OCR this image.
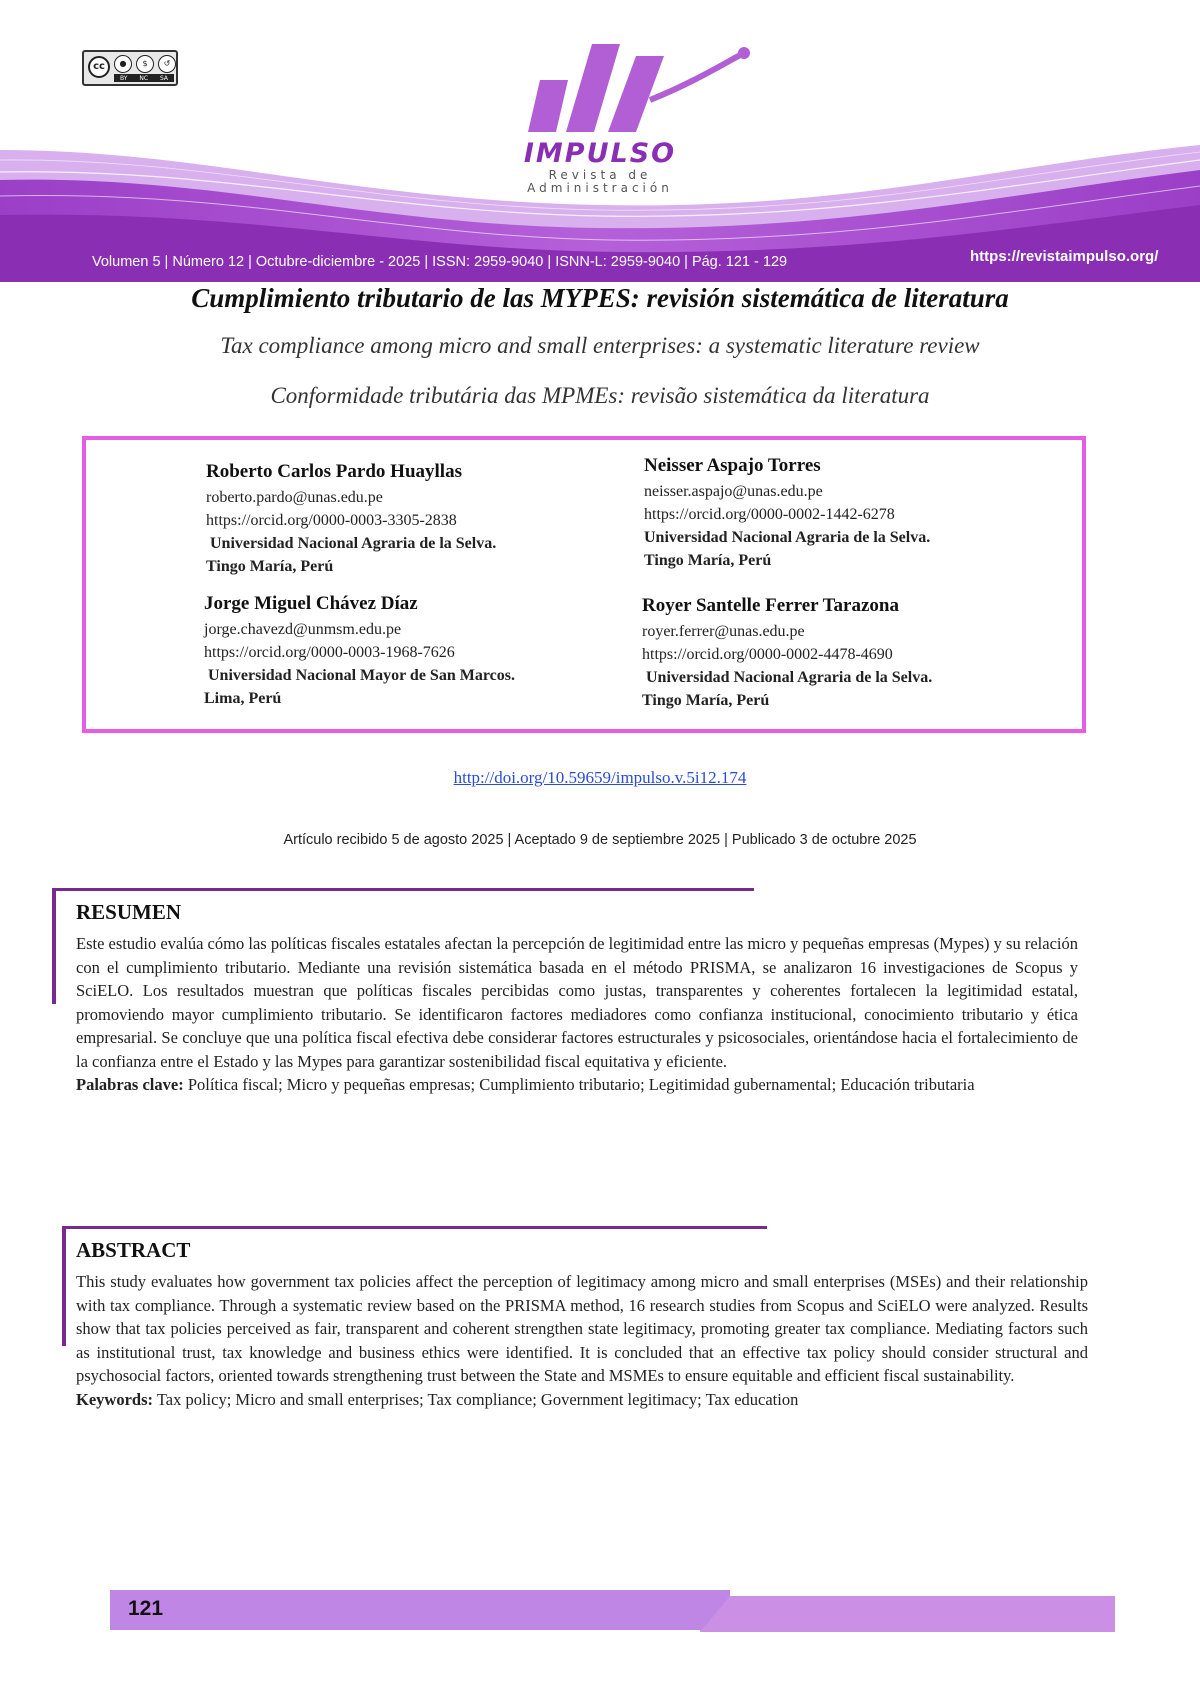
cc	●	$	↺
BY NC SA
IMPULSO
Revista de
Administración
Volumen 5 | Número 12 | Octubre-diciembre - 2025 | ISSN: 2959-9040 | ISNN-L: 2959-9040 | Pág. 121 - 129	https://revistaimpulso.org/
Cumplimiento tributario de las MYPES: revisión sistemática de literatura
Tax compliance among micro and small enterprises: a systematic literature review
Conformidade tributária das MPMEs: revisão sistemática da literatura
Roberto Carlos Pardo Huayllas
roberto.pardo@unas.edu.pe
https://orcid.org/0000-0003-3305-2838
Universidad Nacional Agraria de la Selva.
Tingo María, Perú
Neisser Aspajo Torres
neisser.aspajo@unas.edu.pe
https://orcid.org/0000-0002-1442-6278
Universidad Nacional Agraria de la Selva.
Tingo María, Perú
Jorge Miguel Chávez Díaz
jorge.chavezd@unmsm.edu.pe
https://orcid.org/0000-0003-1968-7626
Universidad Nacional Mayor de San Marcos.
Lima, Perú
Royer Santelle Ferrer Tarazona
royer.ferrer@unas.edu.pe
https://orcid.org/0000-0002-4478-4690
Universidad Nacional Agraria de la Selva.
Tingo María, Perú
http://doi.org/10.59659/impulso.v.5i12.174
Artículo recibido 5 de agosto 2025 | Aceptado 9 de septiembre 2025 | Publicado 3 de octubre 2025
RESUMEN
Este estudio evalúa cómo las políticas fiscales estatales afectan la percepción de legitimidad entre las micro y pequeñas empresas (Mypes) y su relación con el cumplimiento tributario. Mediante una revisión sistemática basada en el método PRISMA, se analizaron 16 investigaciones de Scopus y SciELO. Los resultados muestran que políticas fiscales percibidas como justas, transparentes y coherentes fortalecen la legitimidad estatal, promoviendo mayor cumplimiento tributario. Se identificaron factores mediadores como confianza institucional, conocimiento tributario y ética empresarial. Se concluye que una política fiscal efectiva debe considerar factores estructurales y psicosociales, orientándose hacia el fortalecimiento de la confianza entre el Estado y las Mypes para garantizar sostenibilidad fiscal equitativa y eficiente.
Palabras clave: Política fiscal; Micro y pequeñas empresas; Cumplimiento tributario; Legitimidad gubernamental; Educación tributaria
ABSTRACT
This study evaluates how government tax policies affect the perception of legitimacy among micro and small enterprises (MSEs) and their relationship with tax compliance. Through a systematic review based on the PRISMA method, 16 research studies from Scopus and SciELO were analyzed. Results show that tax policies perceived as fair, transparent and coherent strengthen state legitimacy, promoting greater tax compliance. Mediating factors such as institutional trust, tax knowledge and business ethics were identified. It is concluded that an effective tax policy should consider structural and psychosocial factors, oriented towards strengthening trust between the State and MSMEs to ensure equitable and efficient fiscal sustainability.
Keywords: Tax policy; Micro and small enterprises; Tax compliance; Government legitimacy; Tax education
121
